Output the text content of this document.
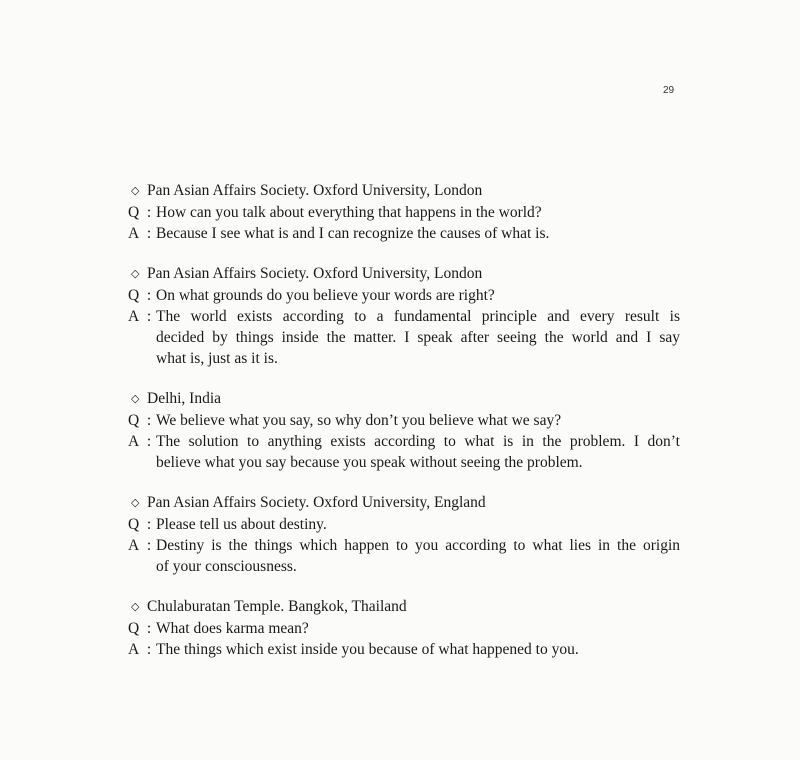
29
◇ Pan Asian Affairs Society. Oxford University, London
Q : How can you talk about everything that happens in the world?
A : Because I see what is and I can recognize the causes of what is.
◇ Pan Asian Affairs Society. Oxford University, London
Q : On what grounds do you believe your words are right?
A : The world exists according to a fundamental principle and every result is
decided by things inside the matter. I speak after seeing the world and I say
what is, just as it is.
◇ Delhi, India
Q : We believe what you say, so why don’t you believe what we say?
A : The solution to anything exists according to what is in the problem. I don’t
believe what you say because you speak without seeing the problem.
◇ Pan Asian Affairs Society. Oxford University, England
Q : Please tell us about destiny.
A : Destiny is the things which happen to you according to what lies in the origin
of your consciousness.
◇ Chulaburatan Temple. Bangkok, Thailand
Q : What does karma mean?
A : The things which exist inside you because of what happened to you.
